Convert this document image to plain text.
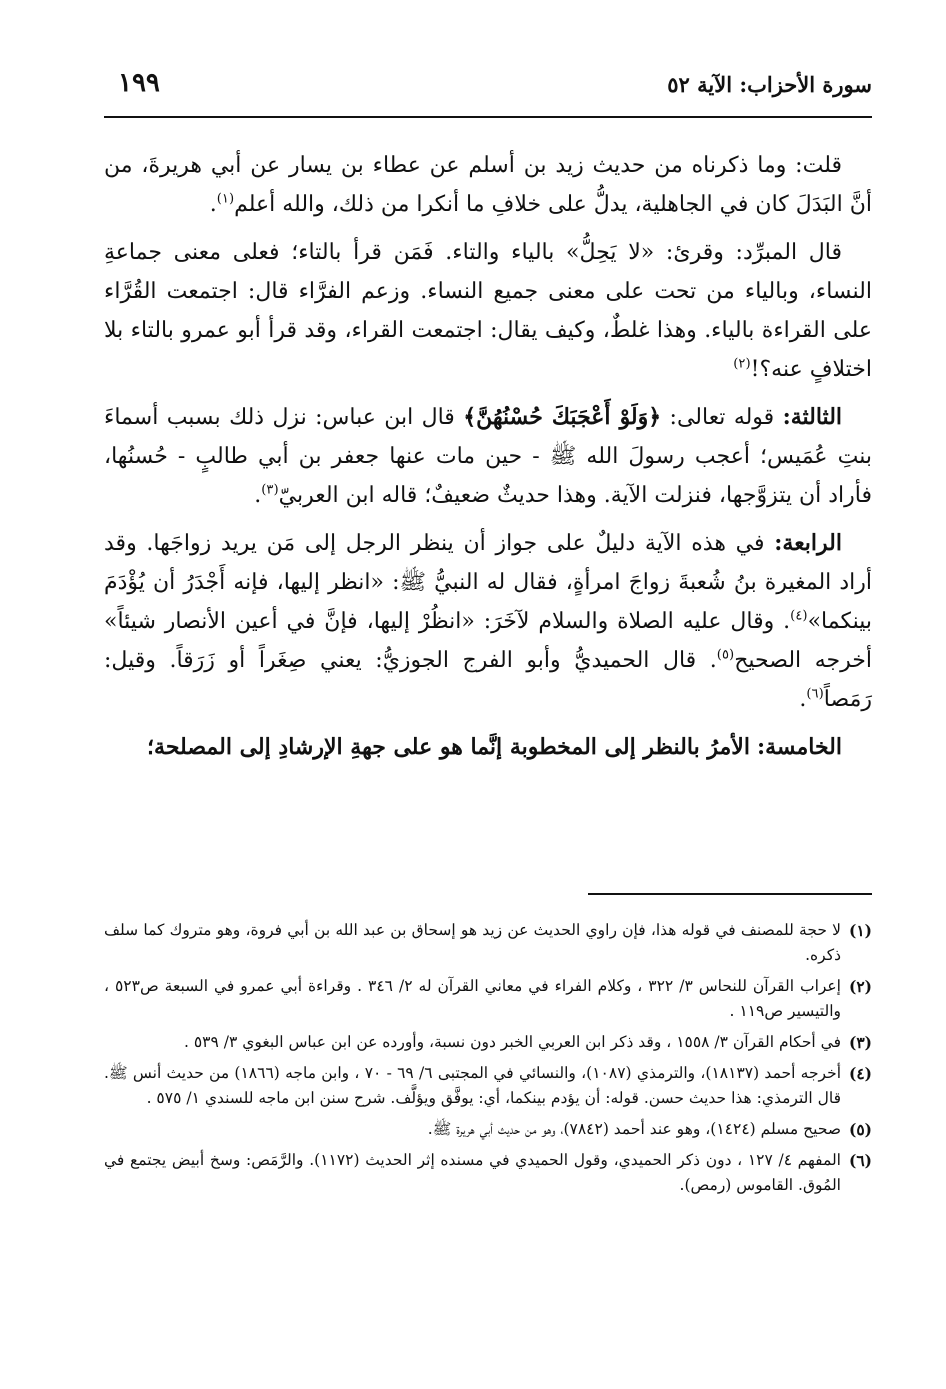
سورة الأحزاب: الآية ٥٢
١٩٩

قلت: وما ذكرناه من حديث زيد بن أسلم عن عطاء بن يسار عن أبي هريرةَ، من أنَّ البَدَلَ كان في الجاهلية، يدلُّ على خلافِ ما أنكرا من ذلك، والله أعلم$^{(١)}$.

قال المبرِّد: وقرئ: «لا يَحِلُّ» بالياء والتاء. فَمَن قرأ بالتاء؛ فعلى معنى جماعةِ النساء، وبالياء من تحت على معنى جميع النساء. وزعم الفرَّاء قال: اجتمعت القُرَّاء على القراءة بالياء. وهذا غلطٌ، وكيف يقال: اجتمعت القراء، وقد قرأ أبو عمرو بالتاء بلا اختلافٍ عنه؟!$^{(٢)}$

الثالثة: قوله تعالى: ﴿وَلَوْ أَعْجَبَكَ حُسْنُهُنَّ﴾ قال ابن عباس: نزل ذلك بسبب أسماءَ بنتِ عُمَيس؛ أعجب رسولَ الله ﷺ - حين مات عنها جعفر بن أبي طالبٍ - حُسنُها، فأراد أن يتزوَّجها، فنزلت الآية. وهذا حديثٌ ضعيفٌ؛ قاله ابن العربيّ$^{(٣)}$.

الرابعة: في هذه الآية دليلٌ على جواز أن ينظر الرجل إلى مَن يريد زواجَها. وقد أراد المغيرة بنُ شُعبةَ زواجَ امرأةٍ، فقال له النبيُّ ﷺ: «انظر إليها، فإنه أَجْدَرُ أن يُؤْدَمَ بينكما»$^{(٤)}$. وقال عليه الصلاة والسلام لآخَرَ: «انظُرْ إليها، فإنَّ في أعين الأنصار شيئاً» أخرجه الصحيح$^{(٥)}$. قال الحميديُّ وأبو الفرج الجوزيُّ: يعني صِغَراً أو زَرَقاً. وقيل: رَمَصاً$^{(٦)}$.

الخامسة: الأمرُ بالنظر إلى المخطوبة إنَّما هو على جهةِ الإرشادِ إلى المصلحة؛

(١)
لا حجة للمصنف في قوله هذا، فإن راوي الحديث عن زيد هو إسحاق بن عبد الله بن أبي فروة، وهو متروك كما سلف ذكره.
(٢)
إعراب القرآن للنحاس ٣/ ٣٢٢ ، وكلام الفراء في معاني القرآن له ٢/ ٣٤٦ . وقراءة أبي عمرو في السبعة ص٥٢٣ ، والتيسير ص١١٩ .
(٣)
في أحكام القرآن ٣/ ١٥٥٨ ، وقد ذكر ابن العربي الخبر دون نسبة، وأورده عن ابن عباس البغوي ٣/ ٥٣٩ .
(٤)
أخرجه أحمد (١٨١٣٧)، والترمذي (١٠٨٧)، والنسائي في المجتبى ٦/ ٦٩ - ٧٠ ، وابن ماجه (١٨٦٦) من حديث أنس ﷺ. قال الترمذي: هذا حديث حسن. قوله: أن يؤدم بينكما، أي: يوفَّق ويؤلَّف. شرح سنن ابن ماجه للسندي ١/ ٥٧٥ .
(٥)
صحيح مسلم (١٤٢٤)، وهو عند أحمد (٧٨٤٢)، وهو من حديث أبي هريرة ﷺ.
(٦)
المفهم ٤/ ١٢٧ ، دون ذكر الحميدي، وقول الحميدي في مسنده إثر الحديث (١١٧٢). والرَّمَص: وسخ أبيض يجتمع في المُوق. القاموس (رمص).
